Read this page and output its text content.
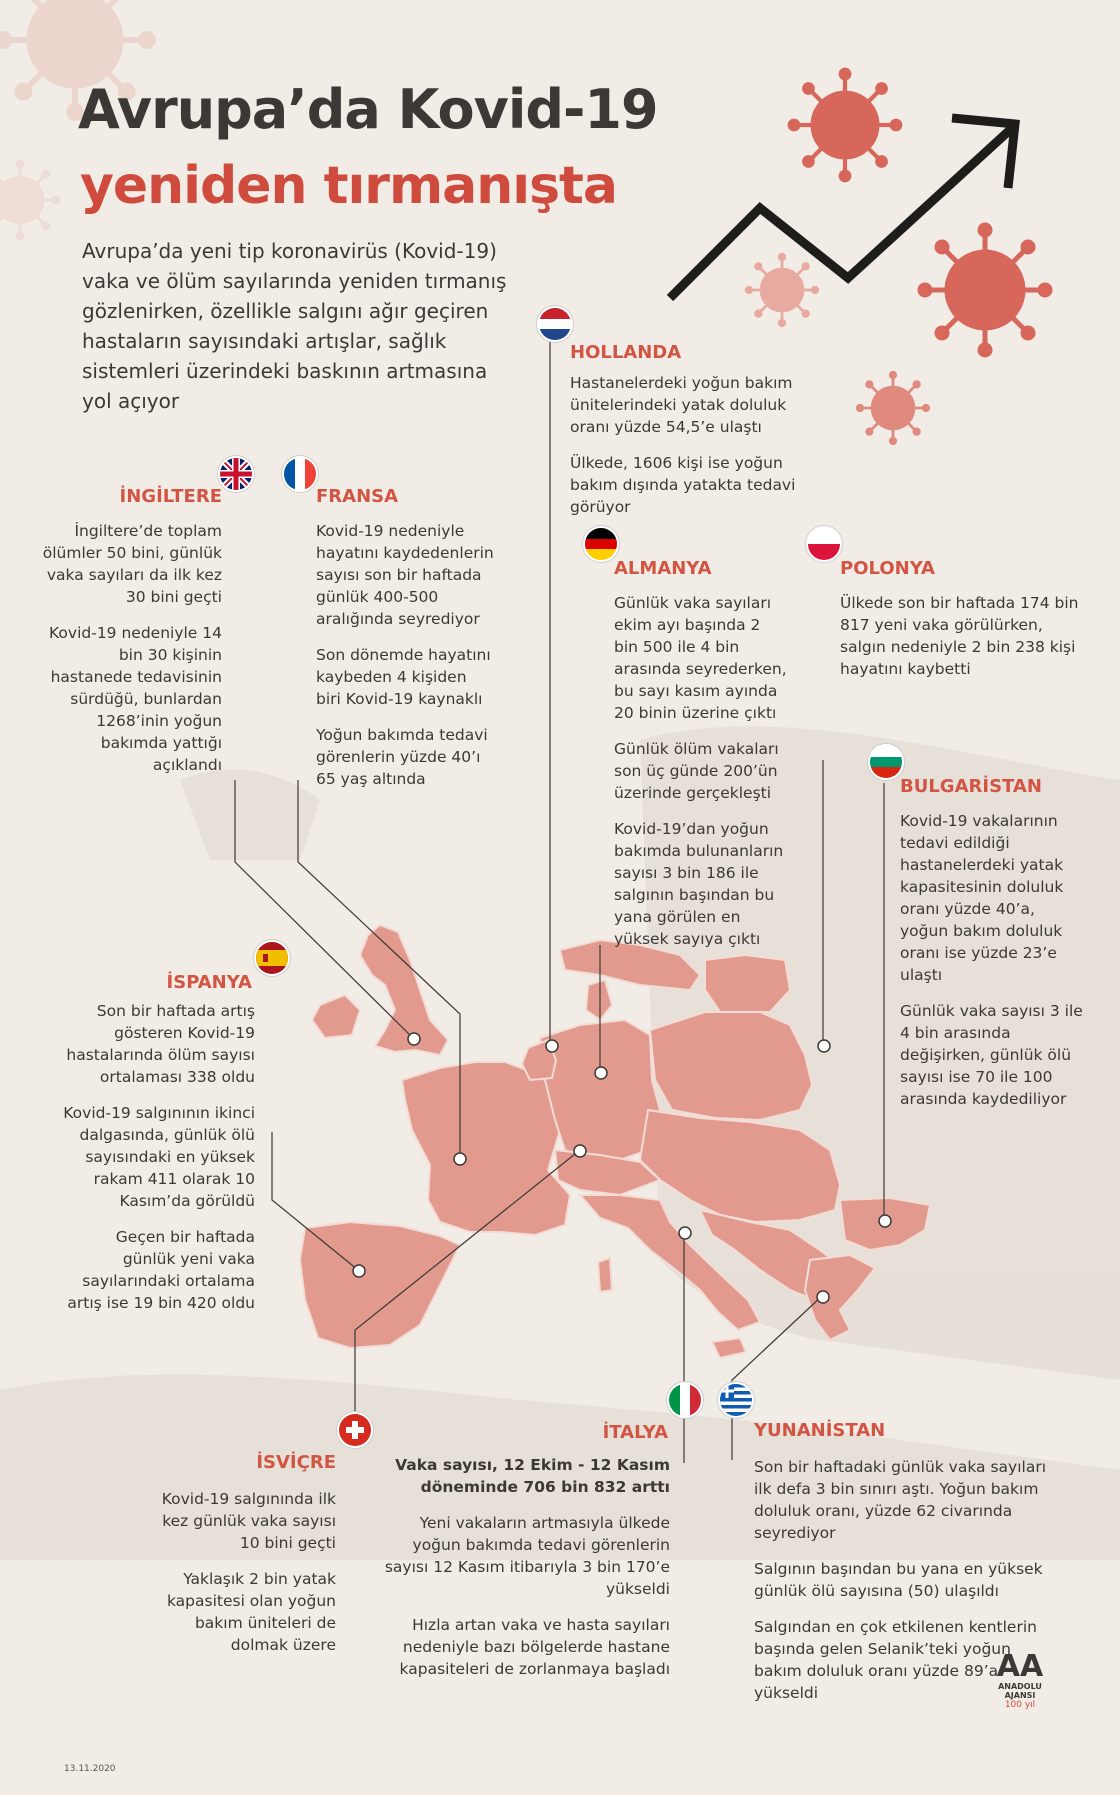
Avrupa’da Kovid-19
yeniden tırmanışta
Avrupa’da yeni tip koronavirüs (Kovid-19) vaka ve ölüm sayılarında yeniden tırmanış gözlenirken, özellikle salgını ağır geçiren hastaların sayısındaki artışlar, sağlık sistemleri üzerindeki baskının artmasına yol açıyor
HOLLANDA

Hastanelerdeki yoğun bakım ünitelerindeki yatak doluluk oranı yüzde 54,5’e ulaştı

Ülkede, 1606 kişi ise yoğun bakım dışında yatakta tedavi görüyor

İNGİLTERE

İngiltere’de toplam ölümler 50 bini, günlük vaka sayıları da ilk kez 30 bini geçti

Kovid-19 nedeniyle 14 bin 30 kişinin hastanede tedavisinin sürdüğü, bunlardan 1268’inin yoğun bakımda yattığı açıklandı

FRANSA

Kovid-19 nedeniyle hayatını kaydedenlerin sayısı son bir haftada günlük 400-500 aralığında seyrediyor

Son dönemde hayatını kaybeden 4 kişiden biri Kovid-19 kaynaklı

Yoğun bakımda tedavi görenlerin yüzde 40’ı 65 yaş altında

ALMANYA

Günlük vaka sayıları ekim ayı başında 2 bin 500 ile 4 bin arasında seyrederken, bu sayı kasım ayında 20 binin üzerine çıktı

Günlük ölüm vakaları son üç günde 200’ün üzerinde gerçekleşti

Kovid-19’dan yoğun bakımda bulunanların sayısı 3 bin 186 ile salgının başından bu yana görülen en yüksek sayıya çıktı

POLONYA

Ülkede son bir haftada 174 bin 817 yeni vaka görülürken, salgın nedeniyle 2 bin 238 kişi hayatını kaybetti

BULGARİSTAN

Kovid-19 vakalarının tedavi edildiği hastanelerdeki yatak kapasitesinin doluluk oranı yüzde 40’a, yoğun bakım doluluk oranı ise yüzde 23’e ulaştı

Günlük vaka sayısı 3 ile 4 bin arasında değişirken, günlük ölü sayısı ise 70 ile 100 arasında kaydediliyor

İSPANYA

Son bir haftada artış gösteren Kovid-19 hastalarında ölüm sayısı ortalaması 338 oldu

Kovid-19 salgınının ikinci dalgasında, günlük ölü sayısındaki en yüksek rakam 411 olarak 10 Kasım’da görüldü

Geçen bir haftada günlük yeni vaka sayılarındaki ortalama artış ise 19 bin 420 oldu

İSVİÇRE

Kovid-19 salgınında ilk kez günlük vaka sayısı 10 bini geçti

Yaklaşık 2 bin yatak kapasitesi olan yoğun bakım üniteleri de dolmak üzere

İTALYA

Vaka sayısı, 12 Ekim - 12 Kasım döneminde 706 bin 832 arttı

Yeni vakaların artmasıyla ülkede yoğun bakımda tedavi görenlerin sayısı 12 Kasım itibarıyla 3 bin 170’e yükseldi

Hızla artan vaka ve hasta sayıları nedeniyle bazı bölgelerde hastane kapasiteleri de zorlanmaya başladı

YUNANİSTAN

Son bir haftadaki günlük vaka sayıları ilk defa 3 bin sınırı aştı. Yoğun bakım doluluk oranı, yüzde 62 civarında seyrediyor

Salgının başından bu yana en yüksek günlük ölü sayısına (50) ulaşıldı

Salgından en çok etkilenen kentlerin başında gelen Selanik’teki yoğun bakım doluluk oranı yüzde 89’a yükseldi

13.11.2020
AA
ANADOLU AJANSI
100 yıl
